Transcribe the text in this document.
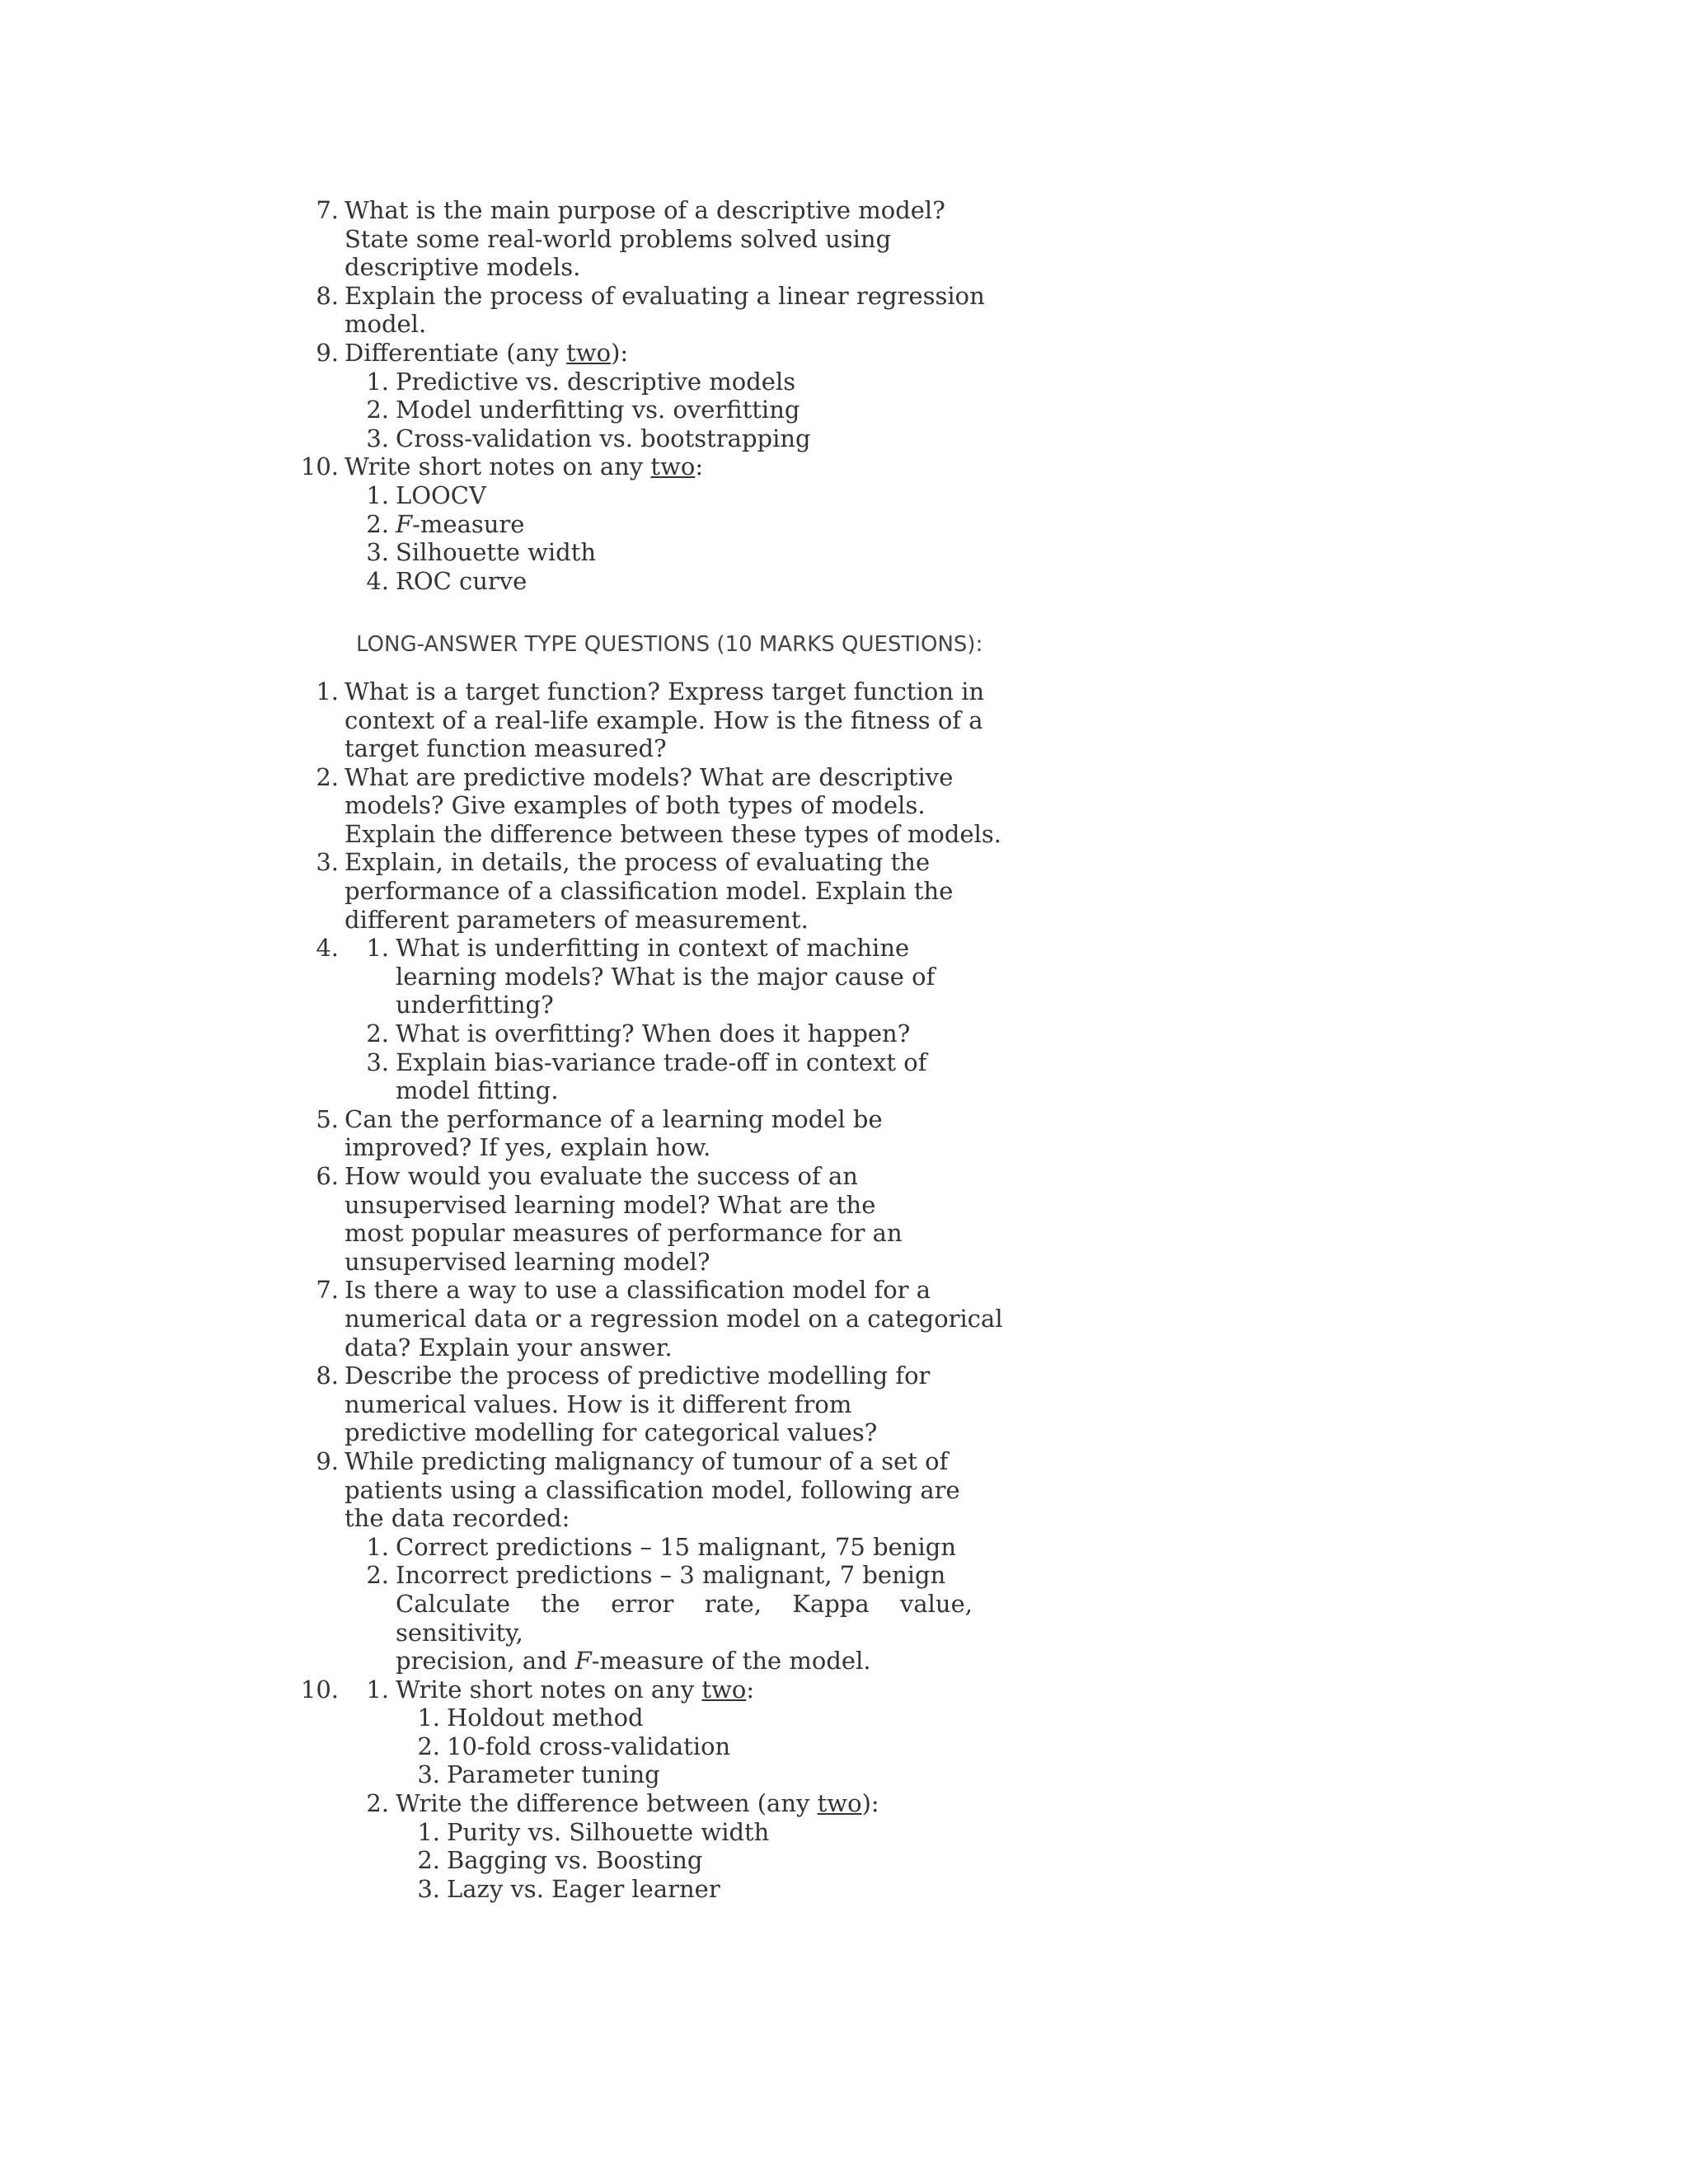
7. What is the main purpose of a descriptive model? State some real-world problems solved using descriptive models.
8. Explain the process of evaluating a linear regression model.
9. Differentiate (any two):
1. Predictive vs. descriptive models
2. Model underfitting vs. overfitting
3. Cross-validation vs. bootstrapping
10. Write short notes on any two:
1. LOOCV
2. F-measure
3. Silhouette width
4. ROC curve
LONG-ANSWER TYPE QUESTIONS (10 MARKS QUESTIONS):
1. What is a target function? Express target function in context of a real-life example. How is the fitness of a target function measured?
2. What are predictive models? What are descriptive models? Give examples of both types of models. Explain the difference between these types of models.
3. Explain, in details, the process of evaluating the performance of a classification model. Explain the different parameters of measurement.
4.	1. What is underfitting in context of machine learning models? What is the major cause of underfitting?
2. What is overfitting? When does it happen?
3. Explain bias-variance trade-off in context of model fitting.
5. Can the performance of a learning model be improved? If yes, explain how.
6. How would you evaluate the success of an unsupervised learning model? What are the most popular measures of performance for an unsupervised learning model?
7. Is there a way to use a classification model for a numerical data or a regression model on a categorical data? Explain your answer.
8. Describe the process of predictive modelling for numerical values. How is it different from predictive modelling for categorical values?
9. While predicting malignancy of tumour of a set of patients using a classification model, following are the data recorded:
1. Correct predictions – 15 malignant, 75 benign
2. Incorrect predictions – 3 malignant, 7 benign
Calculate the error rate, Kappa value, sensitivity,
precision, and F-measure of the model.
10.	1. Write short notes on any two:
1. Holdout method
2. 10-fold cross-validation
3. Parameter tuning
2. Write the difference between (any two):
1. Purity vs. Silhouette width
2. Bagging vs. Boosting
3. Lazy vs. Eager learner
